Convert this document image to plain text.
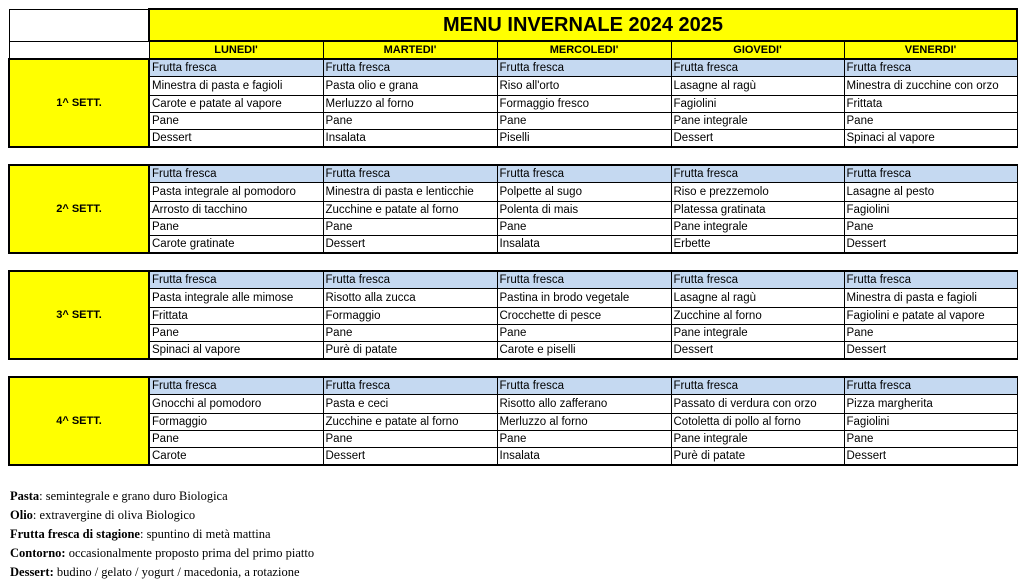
	MENU INVERNALE 2024 2025				
	LUNEDI'	MARTEDI'	MERCOLEDI'	GIOVEDI'	VENERDI'
1^ SETT.	Frutta fresca	Frutta fresca	Frutta fresca	Frutta fresca	Frutta fresca
	Minestra di pasta e fagioli	Pasta olio e grana	Riso all'orto	Lasagne al ragù	Minestra di zucchine con orzo
	Carote e patate al vapore	Merluzzo al forno	Formaggio fresco	Fagiolini	Frittata
	Pane	Pane	Pane	Pane integrale	Pane
	Dessert	Insalata	Piselli	Dessert	Spinaci al vapore

2^ SETT.	Frutta fresca	Frutta fresca	Frutta fresca	Frutta fresca	Frutta fresca
	Pasta integrale al pomodoro	Minestra di pasta e lenticchie	Polpette al sugo	Riso e prezzemolo	Lasagne al pesto
	Arrosto di tacchino	Zucchine e patate al forno	Polenta di mais	Platessa gratinata	Fagiolini
	Pane	Pane	Pane	Pane integrale	Pane
	Carote gratinate	Dessert	Insalata	Erbette	Dessert

3^ SETT.	Frutta fresca	Frutta fresca	Frutta fresca	Frutta fresca	Frutta fresca
	Pasta integrale alle mimose	Risotto alla zucca	Pastina in brodo vegetale	Lasagne al ragù	Minestra di pasta e fagioli
	Frittata	Formaggio	Crocchette di pesce	Zucchine al forno	Fagiolini e patate al vapore
	Pane	Pane	Pane	Pane integrale	Pane
	Spinaci al vapore	Purè di patate	Carote e piselli	Dessert	Dessert

4^ SETT.	Frutta fresca	Frutta fresca	Frutta fresca	Frutta fresca	Frutta fresca
	Gnocchi al pomodoro	Pasta e ceci	Risotto allo zafferano	Passato di verdura con orzo	Pizza margherita
	Formaggio	Zucchine e patate al forno	Merluzzo al forno	Cotoletta di pollo al forno	Fagiolini
	Pane	Pane	Pane	Pane integrale	Pane
	Carote	Dessert	Insalata	Purè di patate	Dessert
Pasta: semintegrale e grano duro Biologica
Olio: extravergine di oliva Biologico
Frutta fresca di stagione: spuntino di metà mattina
Contorno: occasionalmente proposto prima del primo piatto
Dessert: budino / gelato / yogurt / macedonia, a rotazione
